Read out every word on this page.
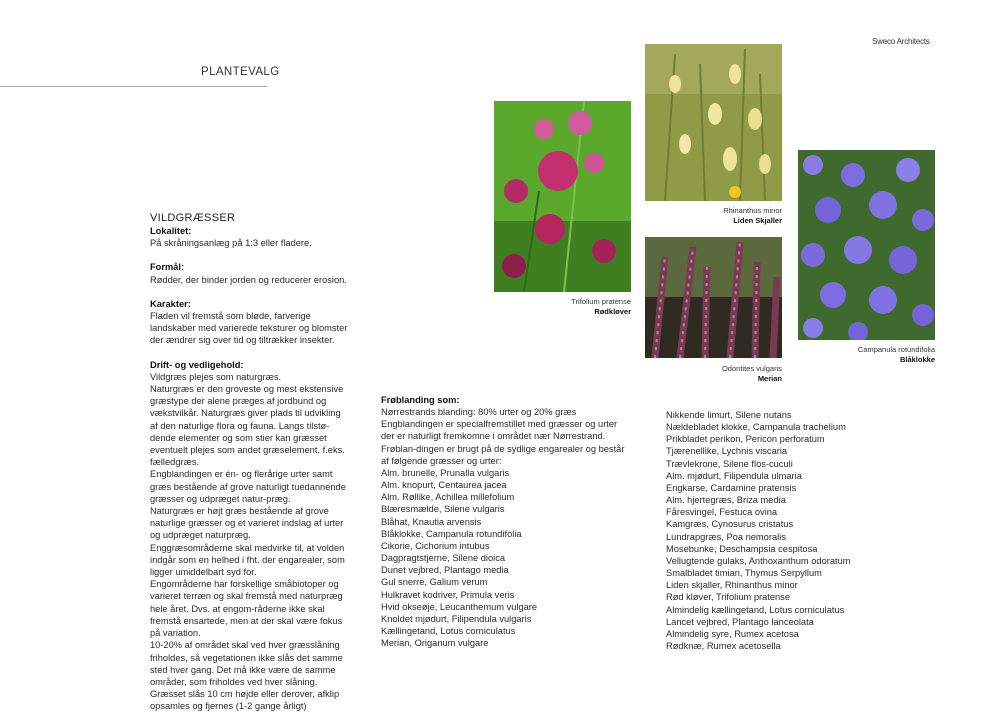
Sweco Architects
PLANTEVALG
VILDGRÆSSER
Lokalitet:

På skråningsanlæg på 1:3 eller fladere.

Formål:

Rødder, der binder jorden og reducerer erosion.

Karakter:

Fladen vil fremstå som bløde, farverige landskaber med varierede teksturer og blomster der ændrer sig over tid og tiltrækker insekter.

Drift- og vedligehold:

Vildgræs plejes som naturgræs.

Naturgræs er den groveste og mest ekstensive græstype der alene præges af jordbund og vækstvilkår. Naturgræs giver plads til udvikling af den naturlige flora og fauna. Langs tilstø-dende elementer og som stier kan græsset eventuelt plejes som andet græselement, f.eks. fælledgræs.

Engblandingen er én- og flerårige urter samt græs bestående af grove naturligt tuedannende græsser og udpræget natur-præg.

Naturgræs er højt græs bestående af grove naturlige græsser og et varieret indslag af urter og udpræget naturpræg.

Enggræsområderne skal medvirke til, at volden indgår som en helhed i fht. der engarealer, som ligger umiddelbart syd for.

Engområderne har forskellige småbiotoper og varieret terræn og skal fremstå med naturpræg hele året. Dvs. at engom-råderne ikke skal fremstå ensartede, men at der skal være fokus på variation.

10-20% af området skal ved hver græsslåning friholdes, så vegetationen ikke slås det samme sted hver gang. Det må ikke være de samme områder, som friholdes ved hver slåning. Græsset slås 10 cm højde eller derover, afklip opsamles og fjernes (1-2 gange årligt)

Frøblanding som:

Nørrestrands blanding: 80% urter og 20% græs

Engblandingen er specialfremstillet med græsser og urter der er naturligt fremkomne i området nær Nørrestrand. Frøblan-dingen er brugt på de sydlige engarealer og består af følgende græsser og urter:

Alm. brunelle, Prunalla vulgaris
Alm. knopurt, Centaurea jacea
Alm. Røllike, Achillea millefolium
Blæresmælde, Silene vulgaris
Blåhat, Knautia arvensis
Blåklokke, Campanula rotundifolia
Cikorie, Cichorium intubus
Dagpragtstjerne, Silene dioica
Dunet vejbred, Plantago media
Gul snerre, Galium verum
Hulkravet kodriver, Primula veris
Hvid okseøje, Leucanthemum vulgare
Knoldet mjødurt, Filipendula vulgaris
Kællingetand, Lotus corniculatus
Merian, Origanum vulgare
Nikkende limurt, Silene nutans
Nældebladet klokke, Campanula trachelium
Prikbladet perikon, Pericon perforatum
Tjærenellike, Lychnis viscaria
Trævlekrone, Silene flos-cuculi
Alm. mjødurt, Filipendula ulmaria
Engkarse, Cardamine pratensis
Alm. hjertegræs, Briza media
Fåresvingel, Festuca ovina
Kamgræs, Cynosurus cristatus
Lundrapgræs, Poa nemoralis
Mosebunke, Deschampsia cespitosa
Vellugtende gulaks, Anthoxanthum odoratum
Smalbladet timian, Thymus Serpyllum
Liden skjaller, Rhinanthus minor
Rød kløver, Trifolium pratense
Almindelig kællingetand, Lotus corniculatus
Lancet vejbred, Plantago lanceolata
Almindelig syre, Rumex acetosa
Rødknæ, Rumex acetosella
Trifolium pratense
Rødkløver
Rhinanthus minor
Liden Skjaller
Odontites vulgaris
Merian
Campanula rotundifolia
Blåklokke
